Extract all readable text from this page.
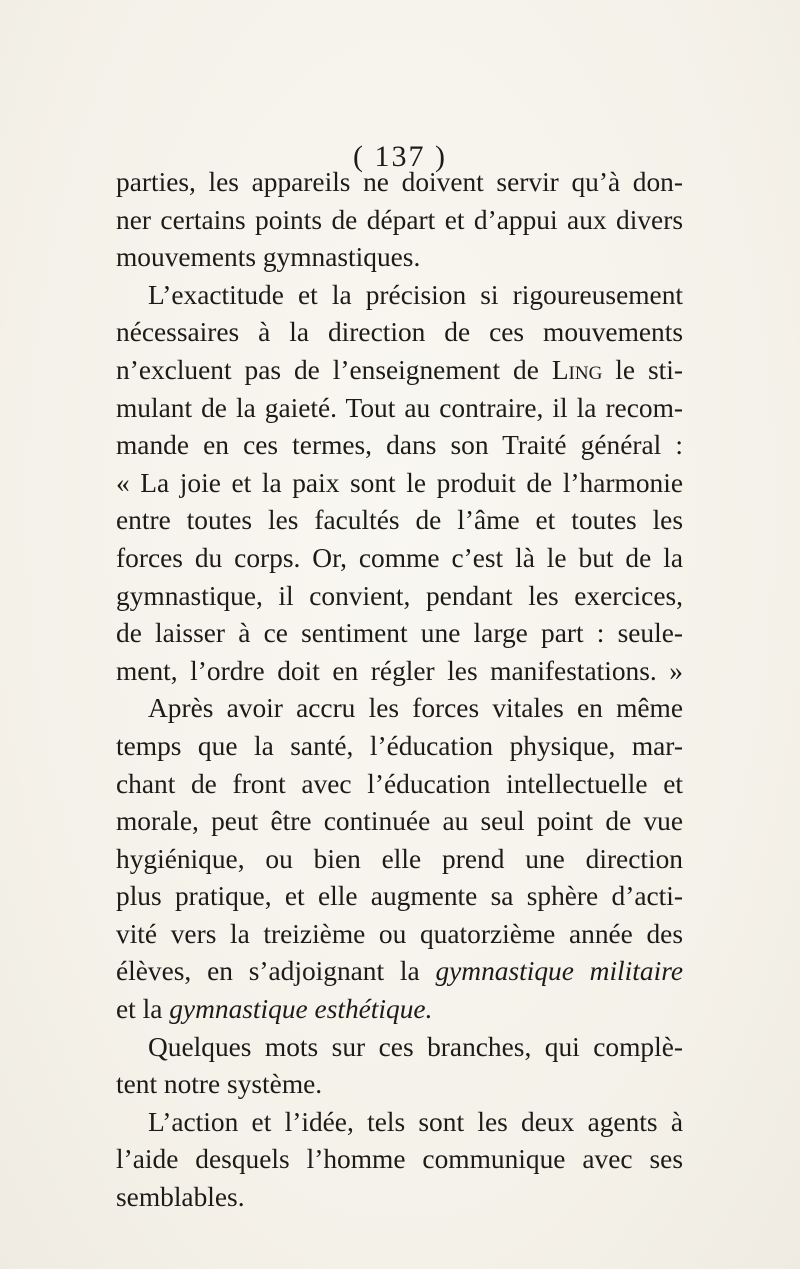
( 137 )
parties, les appareils ne doivent servir qu’à don-
ner certains points de départ et d’appui aux divers
mouvements gymnastiques.
L’exactitude et la précision si rigoureusement
nécessaires à la direction de ces mouvements
n’excluent pas de l’enseignement de Ling le sti-
mulant de la gaieté. Tout au contraire, il la recom-
mande en ces termes, dans son Traité général :
« La joie et la paix sont le produit de l’harmonie
entre toutes les facultés de l’âme et toutes les
forces du corps. Or, comme c’est là le but de la
gymnastique, il convient, pendant les exercices,
de laisser à ce sentiment une large part : seule-
ment, l’ordre doit en régler les manifestations. »
Après avoir accru les forces vitales en même
temps que la santé, l’éducation physique, mar-
chant de front avec l’éducation intellectuelle et
morale, peut être continuée au seul point de vue
hygiénique, ou bien elle prend une direction
plus pratique, et elle augmente sa sphère d’acti-
vité vers la treizième ou quatorzième année des
élèves, en s’adjoignant la gymnastique militaire
et la gymnastique esthétique.
Quelques mots sur ces branches, qui complè-
tent notre système.
L’action et l’idée, tels sont les deux agents à
l’aide desquels l’homme communique avec ses
semblables.
